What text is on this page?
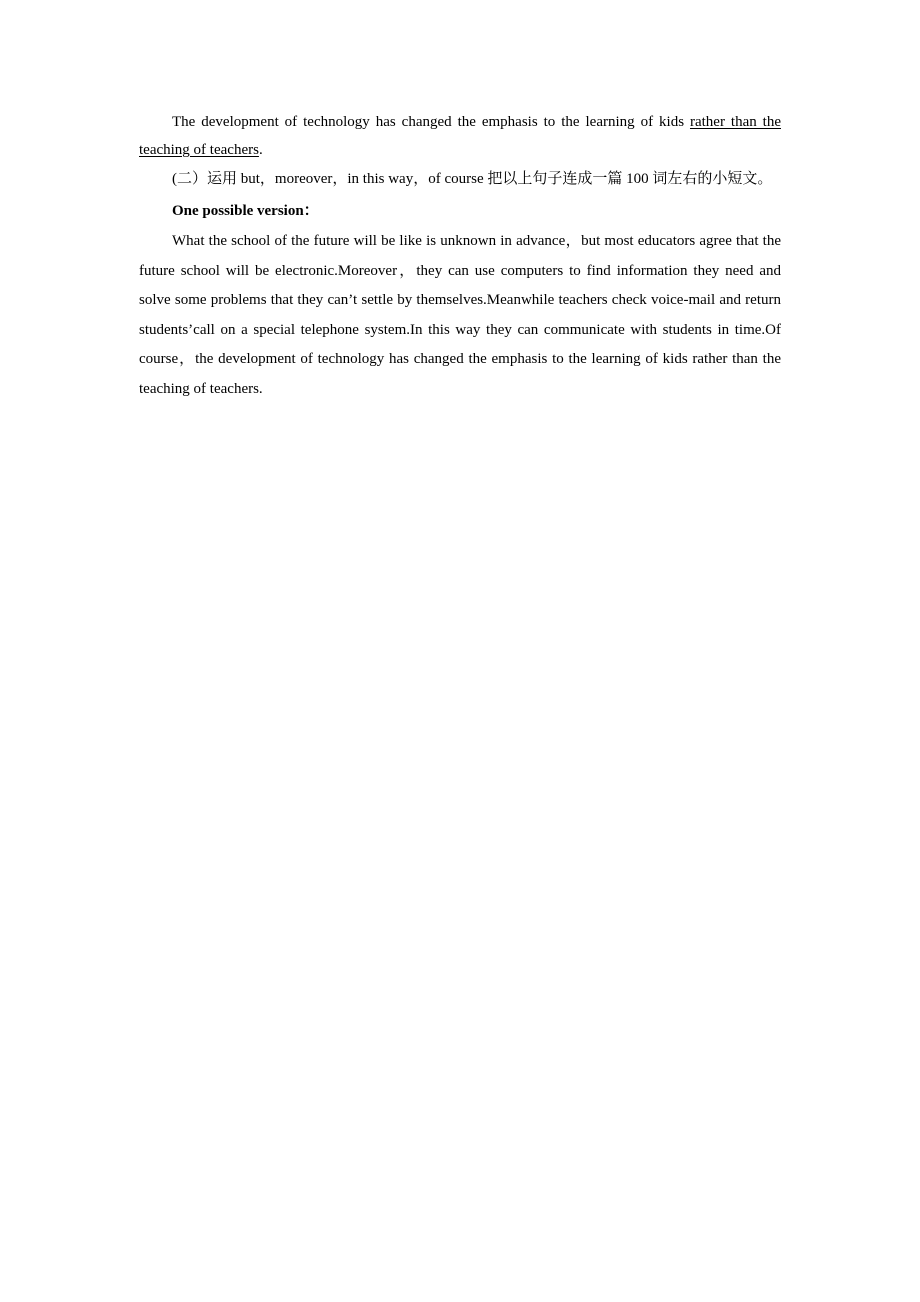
The development of technology has changed the emphasis to the learning of kids rather than the teaching of teachers.

(二）运用 but，moreover，in this way，of course 把以上句子连成一篇 100 词左右的小短文。

One possible version：

What the school of the future will be like is unknown in advance，but most educators agree that the future school will be electronic.Moreover，they can use computers to find information they need and solve some problems that they can’t settle by themselves.Meanwhile teachers check voice-mail and return students’call on a special telephone system.In this way they can communicate with students in time.Of course，the development of technology has changed the emphasis to the learning of kids rather than the teaching of teachers.
